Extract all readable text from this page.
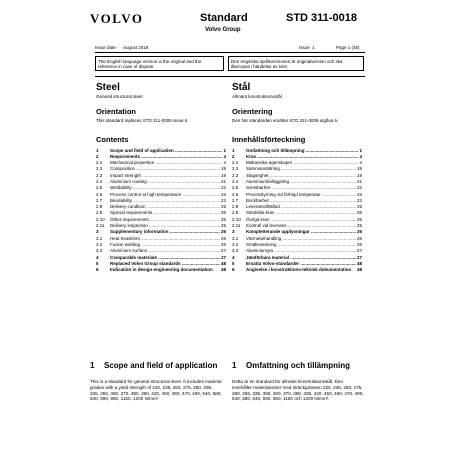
VOLVO	Standard	STD 311-0018
Volvo Group
Issue date August 2019	Issue 1	Page 1 (48)
The English language version is the original and the reference in case of dispute.
Den engelska språkversionen är originalversion och ska åberopas i händelse av tvist.
Steel
General structural steel
Orientation
This standard replaces STD 311-0009 issue 5.
Contents
1	Scope and field of application .....	1
2	Requirements .....	4
2.1	Mechanical properties .....	4
2.2	Composition .....	15
2.3	Impact strength .....	19
2.4	Aluminium coating .....	21
2.5	Weldability .....	22
2.6	Process control at high temperature .....	23
2.7	Bendability .....	23
2.8	Delivery condition .....	25
2.9	Special requirements .....	25
2.10	Other requirements .....	25
2.11	Delivery inspection .....	25
3	Supplementary information .....	26
3.1	Heat treatment .....	26
3.2	Fusion welding .....	26
3.3	Aluminium surface .....	27
4	Comparable materials .....	27
5	Replaced Volvo Group standards .....	48
6	Indication in design-engineering documentation	48
Stål
Allmänt konstruktionsstål
Orientering
Den här standarden ersätter STD 311-0009 utgåva 5.
Innehållsförteckning
1	Omfattning och tillämpning .....	1
2	Krav .....	4
2.1	Mekaniska egenskaper .....	4
2.2	Sammansättning .....	15
2.3	Slagseghet .....	19
2.4	Aluminiumbeläggning .....	21
2.5	Svetsbarhet .....	22
2.6	Processtyrning vid förhöjd temperatur .....	23
2.7	Bockbarhet .....	23
2.8	Leveranstillstånd .....	25
2.9	Särskilda krav .....	25
2.10	Övriga krav .....	25
2.11	Kontroll vid leverans .....	25
3	Kompletterande upplysningar .....	26
3.1	Värmebehandling .....	26
3.2	Smältsvetsning .....	26
3.3	Aluminiumyta .....	27
4	Jämförbara material .....	27
5	Ersatta Volvo-standarder .....	48
6	Angivelse i konstruktions-teknisk dokumentation	48
1	Scope and field of application

This is a standard for general structural steel. It includes material grades with a yield strength of 220, 235, 250, 275, 280, 295, 335, 355, 360, 370, 380, 390, 420, 450, 460, 470, 490, 540, 580, 640, 690, 950, 1150, 1200 N/mm².

1	Omfattning och tillämpning

Detta är en standard för allmänt konstruktionsstål. Den innehåller materialsorter med sträckgränsen 220, 235, 250, 275, 280, 295, 335, 355, 360, 370, 380, 390, 420, 450, 460, 470, 490, 540, 580, 640, 690, 950, 1150 och 1200 N/mm².
